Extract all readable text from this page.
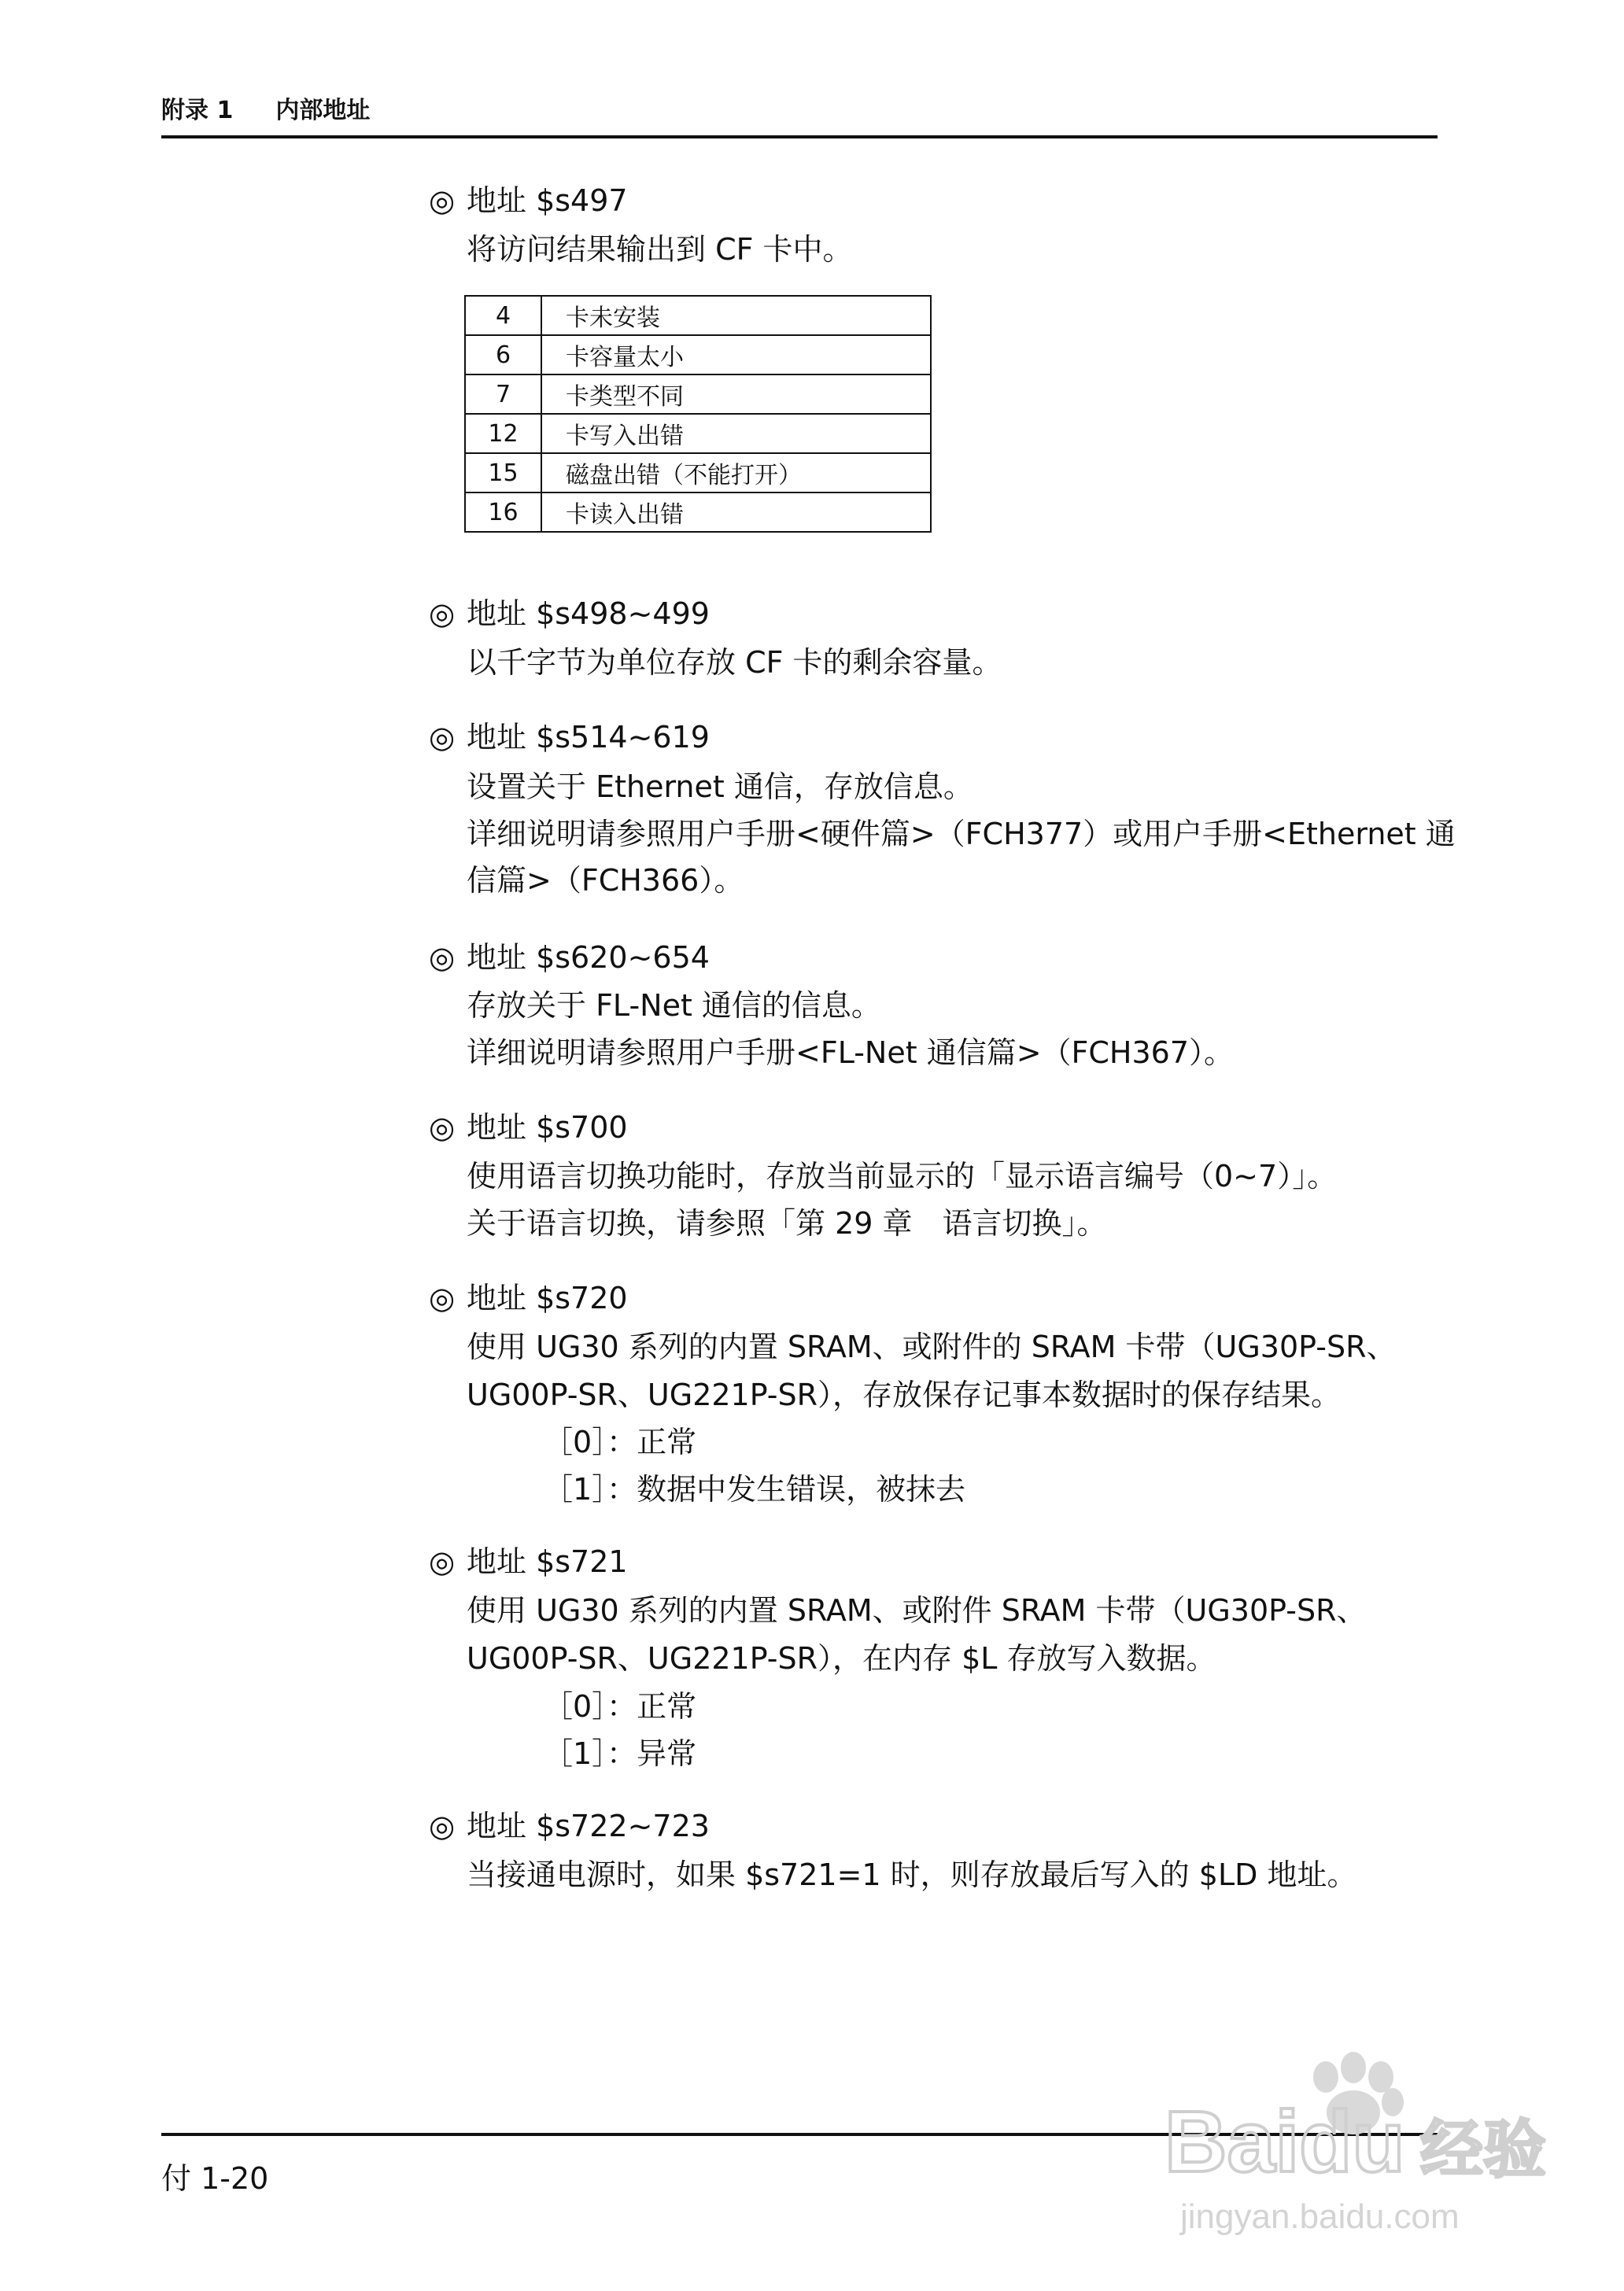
附录 1 内部地址
◎ 地址 $s497
将访问结果输出到 CF 卡中。
4	卡未安装
6	卡容量太小
7	卡类型不同
12	卡写入出错
15	磁盘出错（不能打开）
16	卡读入出错
◎ 地址 $s498~499
以千字节为单位存放 CF 卡的剩余容量。
◎ 地址 $s514~619
设置关于 Ethernet 通信，存放信息。
详细说明请参照用户手册<硬件篇>（FCH377）或用户手册<Ethernet 通
信篇>（FCH366）。
◎ 地址 $s620~654
存放关于 FL-Net 通信的信息。
详细说明请参照用户手册<FL-Net 通信篇>（FCH367）。
◎ 地址 $s700
使用语言切换功能时，存放当前显示的「显示语言编号（0~7）」。
关于语言切换，请参照「第 29 章　语言切换」。
◎ 地址 $s720
使用 UG30 系列的内置 SRAM、或附件的 SRAM 卡带（UG30P-SR、
UG00P-SR、UG221P-SR），存放保存记事本数据时的保存结果。
［0］：正常
［1］：数据中发生错误，被抹去
◎ 地址 $s721
使用 UG30 系列的内置 SRAM、或附件 SRAM 卡带（UG30P-SR、
UG00P-SR、UG221P-SR），在内存 $L 存放写入数据。
［0］：正常
［1］：异常
◎ 地址 $s722~723
当接通电源时，如果 $s721=1 时，则存放最后写入的 $LD 地址。
付 1-20	Baidu 经验
jingyan.baidu.com
